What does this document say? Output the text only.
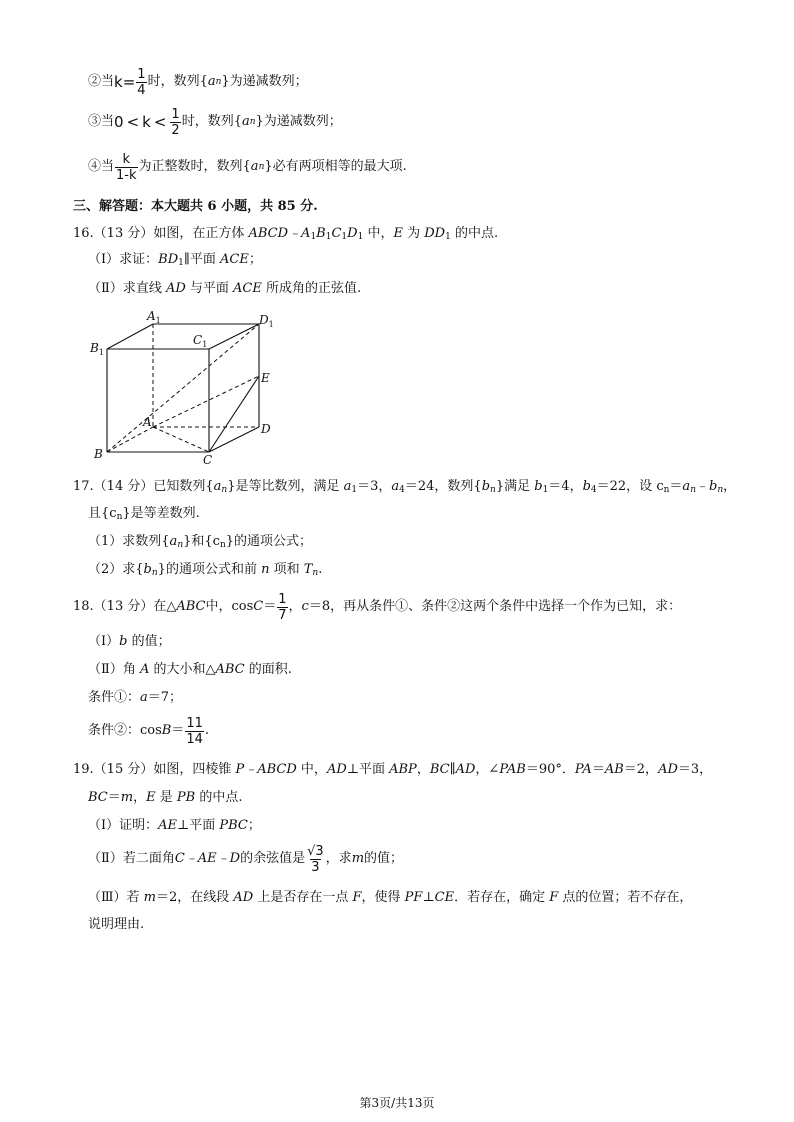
②当 $k = \frac{1}{4}$ 时，数列{ a n }为递减数列；
③当 $0 < k < \frac{1}{2}$ 时，数列{ a n }为递减数列；
④当 $\frac{k}{1-k}$ 为正整数时，数列{ a n }必有两项相等的最大项.
三、解答题：本大题共 6 小题，共 85 分.
16.（13 分）如图，在正方体 $ABCD﹣A_1B_1C_1D_1$ 中，E 为 $DD_1$ 的中点.
（Ⅰ）求证：$BD_1\parallel$平面 ACE；
（Ⅱ）求直线 AD 与平面 ACE 所成角的正弦值.
$A_1$
$C_1$
$D_1$
$B_1$
E
A	D
B	C
17.（14 分）已知数列$\{a_n\}$是等比数列，满足 $a_1=3$，$a_4=24$，数列$\{b_n\}$满足 $b_1=4$，$b_4=22$，设 $c_n=a_n﹣b_n$，
且$\{c_n\}$是等差数列.
（1）求数列$\{a_n\}$和$\{c_n\}$的通项公式；
（2）求$\{b_n\}$的通项公式和前 n 项和 $T_n$.
18.（13 分）在△ ABC 中，$\cos C = \frac{1}{7}$ ， c ＝8，再从条件①、条件②这两个条件中选择一个作为已知，求：
（Ⅰ）b 的值；
（Ⅱ）角 A 的大小和△ABC 的面积.
条件①：a＝7；
条件②：$\cos B = \frac{11}{14}$ .
19.（15 分）如图，四棱锥 P﹣ABCD 中，AD⊥平面 ABP，BC∥AD，∠PAB＝90°．PA＝AB＝2，AD＝3，
BC＝m，E 是 PB 的中点.
（Ⅰ）证明：AE⊥平面 PBC；
（Ⅱ）若二面角 C﹣AE﹣D 的余弦值是 $\frac{√3}{3}$ ，求 m 的值；
（Ⅲ）若 m＝2，在线段 AD 上是否存在一点 F，使得 PF⊥CE．若存在，确定 F 点的位置；若不存在，
说明理由.
第3页/共13页
